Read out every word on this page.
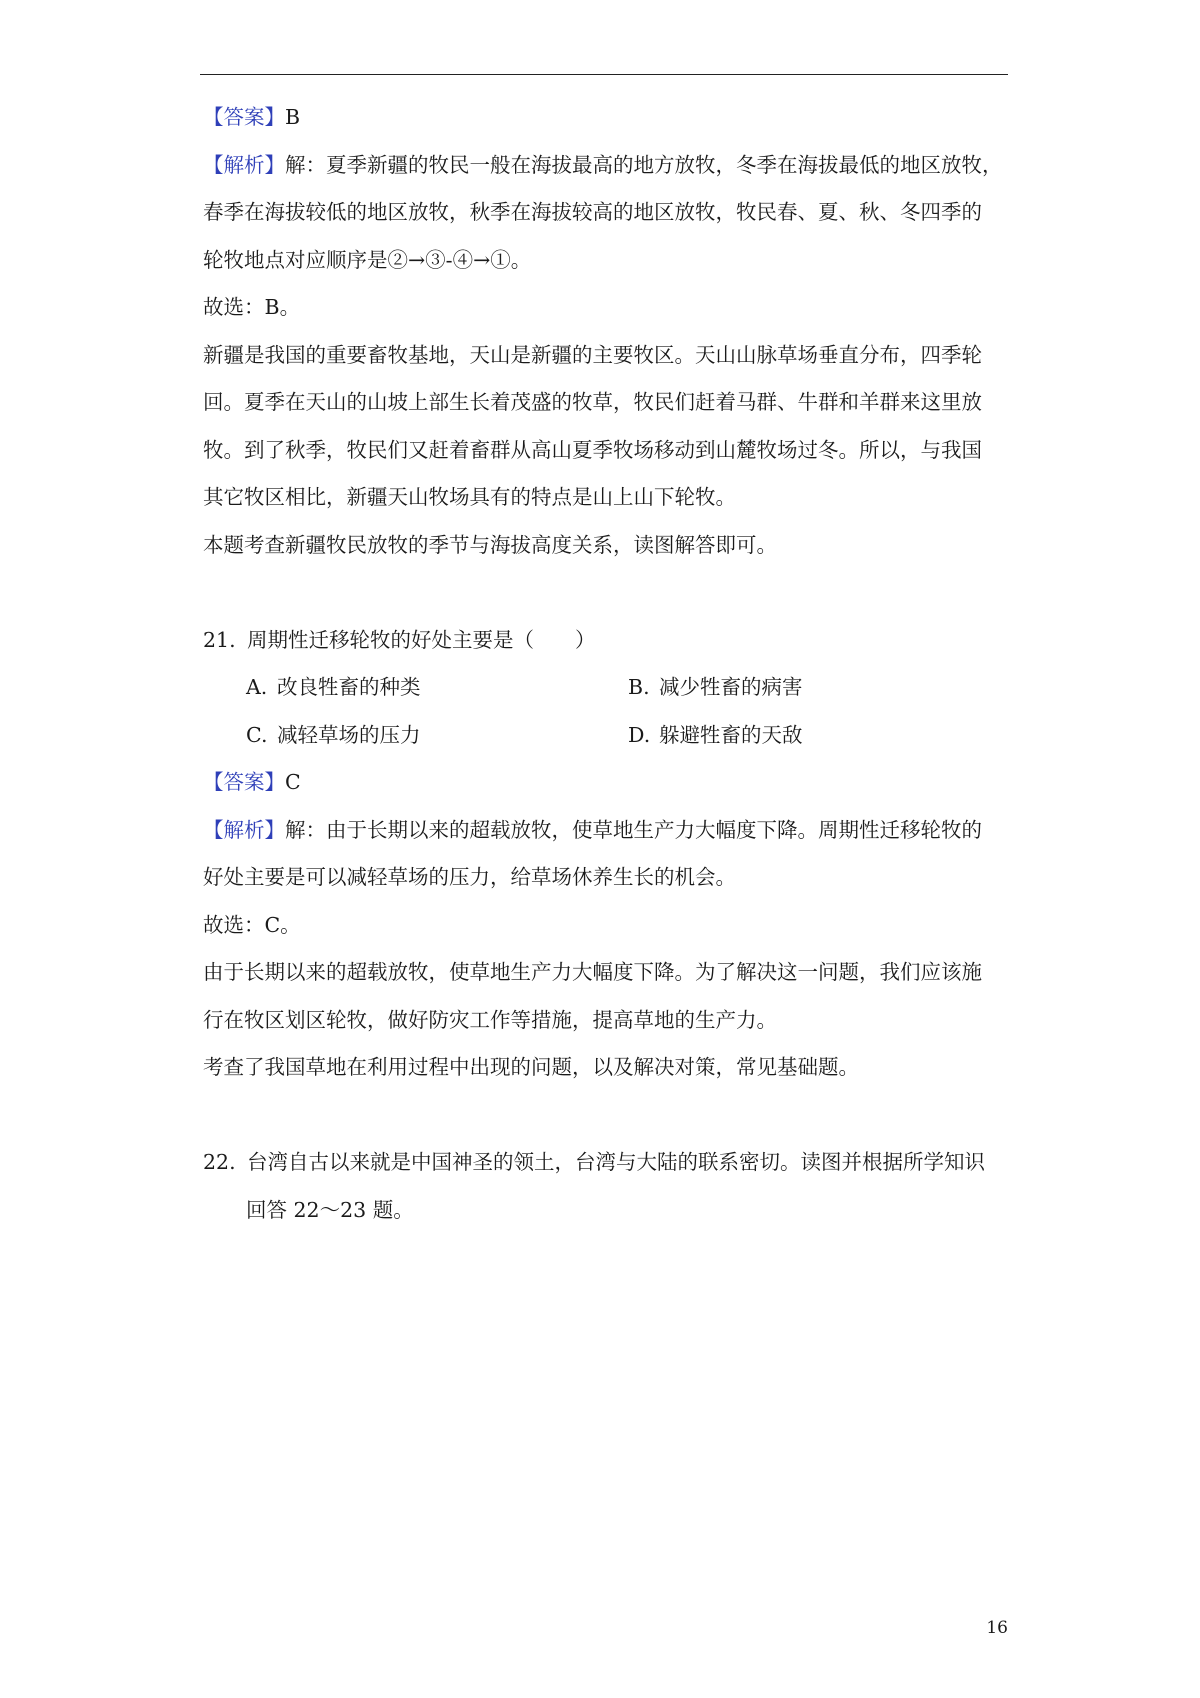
【答案】B
【解析】解：夏季新疆的牧民一般在海拔最高的地方放牧，冬季在海拔最低的地区放牧，
春季在海拔较低的地区放牧，秋季在海拔较高的地区放牧，牧民春、夏、秋、冬四季的
轮牧地点对应顺序是②→③-④→①。
故选：B。
新疆是我国的重要畜牧基地，天山是新疆的主要牧区。天山山脉草场垂直分布，四季轮
回。夏季在天山的山坡上部生长着茂盛的牧草，牧民们赶着马群、牛群和羊群来这里放
牧。到了秋季，牧民们又赶着畜群从高山夏季牧场移动到山麓牧场过冬。所以，与我国
其它牧区相比，新疆天山牧场具有的特点是山上山下轮牧。
本题考查新疆牧民放牧的季节与海拔高度关系，读图解答即可。
21. 周期性迁移轮牧的好处主要是（　　）
A. 改良牲畜的种类	B. 减少牲畜的病害
C. 减轻草场的压力	D. 躲避牲畜的天敌
【答案】C
【解析】解：由于长期以来的超载放牧，使草地生产力大幅度下降。周期性迁移轮牧的
好处主要是可以减轻草场的压力，给草场休养生长的机会。
故选：C。
由于长期以来的超载放牧，使草地生产力大幅度下降。为了解决这一问题，我们应该施
行在牧区划区轮牧，做好防灾工作等措施，提高草地的生产力。
考查了我国草地在利用过程中出现的问题，以及解决对策，常见基础题。
22. 台湾自古以来就是中国神圣的领土，台湾与大陆的联系密切。读图并根据所学知识
回答 22～23 题。
16
